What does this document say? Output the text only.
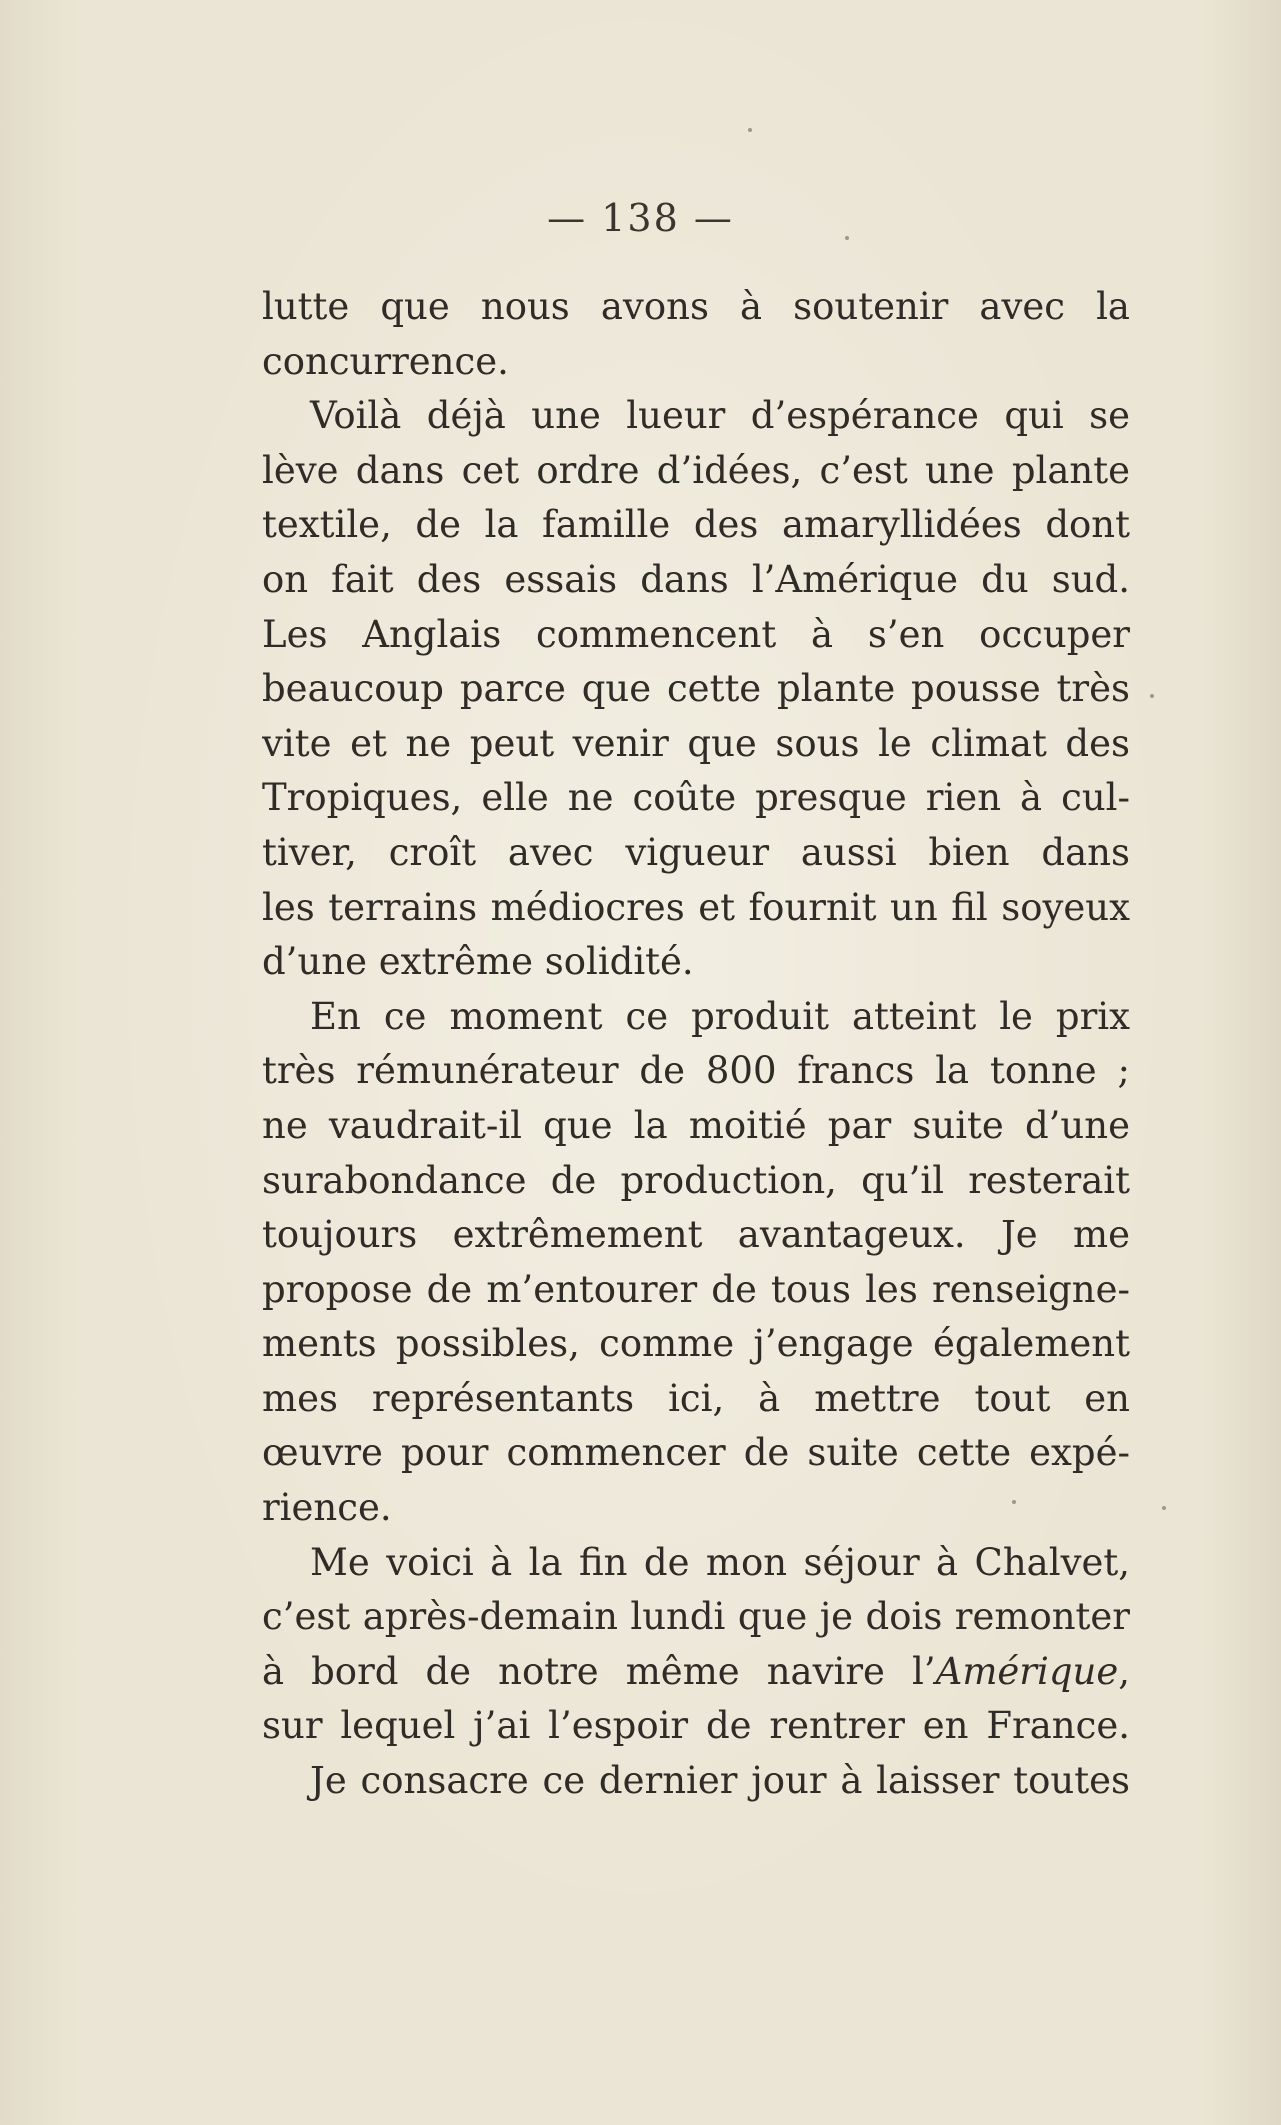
— 138 —
lutte que nous avons à soutenir avec la
concurrence.
Voilà déjà une lueur d’espérance qui se
lève dans cet ordre d’idées, c’est une plante
textile, de la famille des amaryllidées dont
on fait des essais dans l’Amérique du sud.
Les Anglais commencent à s’en occuper
beaucoup parce que cette plante pousse très
vite et ne peut venir que sous le climat des
Tropiques, elle ne coûte presque rien à cul-
tiver, croît avec vigueur aussi bien dans
les terrains médiocres et fournit un fil soyeux
d’une extrême solidité.
En ce moment ce produit atteint le prix
très rémunérateur de 800 francs la tonne ;
ne vaudrait-il que la moitié par suite d’une
surabondance de production, qu’il resterait
toujours extrêmement avantageux. Je me
propose de m’entourer de tous les renseigne-
ments possibles, comme j’engage également
mes représentants ici, à mettre tout en
œuvre pour commencer de suite cette expé-
rience.
Me voici à la fin de mon séjour à Chalvet,
c’est après-demain lundi que je dois remonter
à bord de notre même navire l’Amérique,
sur lequel j’ai l’espoir de rentrer en France.
Je consacre ce dernier jour à laisser toutes
